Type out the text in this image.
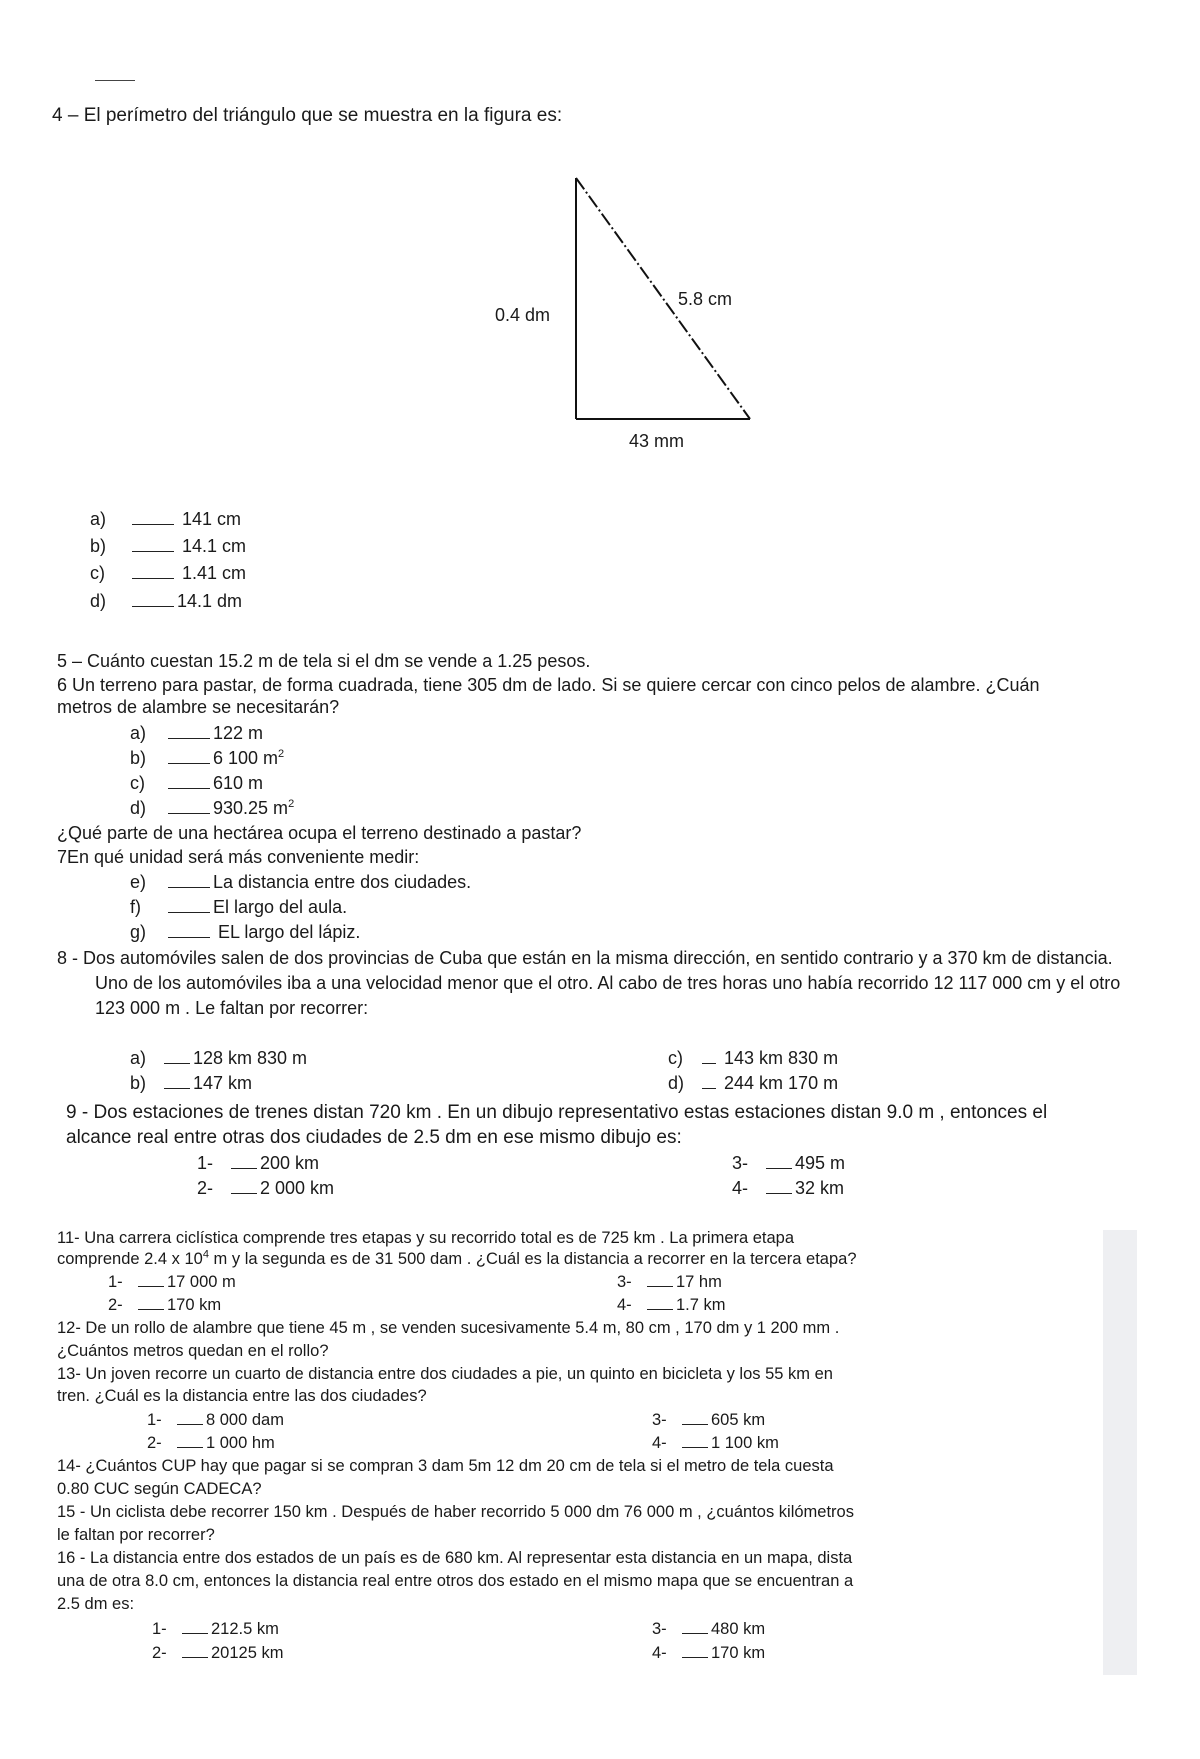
4 – El perímetro del triángulo que se muestra en la figura es:
0.4 dm
5.8 cm
43 mm
a)	141 cm
b)	14.1 cm
c)	1.41 cm
d)	14.1 dm
5 – Cuánto cuestan 15.2 m de tela si el dm se vende a 1.25 pesos.
6 Un terreno para pastar, de forma cuadrada, tiene 305 dm de lado. Si se quiere cercar con cinco pelos de alambre. ¿Cuán metros de alambre se necesitarán?
a)	122 m
b)	6 100 $m^2$
c)	610 m
d)	930.25 $m^2$
¿Qué parte de una hectárea ocupa el terreno destinado a pastar?
7En qué unidad será más conveniente medir:
e)	La distancia entre dos ciudades.
f)	El largo del aula.
g)	EL largo del lápiz.
8 - Dos automóviles salen de dos provincias de Cuba que están en la misma dirección, en sentido contrario y a 370 km de distancia. Uno de los automóviles iba a una velocidad menor que el otro. Al cabo de tres horas uno había recorrido 12 117 000 cm y el otro 123 000 m . Le faltan por recorrer:
a)	128 km 830 m	c) 143 km 830 m
b)	147 km	d) 244 km 170 m
9 - Dos estaciones de trenes distan 720 km . En un dibujo representativo estas estaciones distan 9.0 m , entonces el alcance real entre otras dos ciudades de 2.5 dm en ese mismo dibujo es:
1-	200 km	3-	495 m
2-	2 000 km	4-	32 km
11- Una carrera ciclística comprende tres etapas y su recorrido total es de 725 km . La primera etapa
comprende 2.4 x $10^4$ m y la segunda es de 31 500 dam . ¿Cuál es la distancia a recorrer en la tercera etapa?
1-	17 000 m	3-	17 hm
2-	170 km	4-	1.7 km
12- De un rollo de alambre que tiene 45 m , se venden sucesivamente 5.4 m, 80 cm , 170 dm y 1 200 mm .
¿Cuántos metros quedan en el rollo?
13- Un joven recorre un cuarto de distancia entre dos ciudades a pie, un quinto en bicicleta y los 55 km en
tren. ¿Cuál es la distancia entre las dos ciudades?
1-	8 000 dam	3-	605 km
2-	1 000 hm	4-	1 100 km
14- ¿Cuántos CUP hay que pagar si se compran 3 dam 5m 12 dm 20 cm de tela si el metro de tela cuesta
0.80 CUC según CADECA?
15 - Un ciclista debe recorrer 150 km . Después de haber recorrido 5 000 dm 76 000 m , ¿cuántos kilómetros
le faltan por recorrer?
16 - La distancia entre dos estados de un país es de 680 km. Al representar esta distancia en un mapa, dista
una de otra 8.0 cm, entonces la distancia real entre otros dos estado en el mismo mapa que se encuentran a
2.5 dm es:
1-	212.5 km	3-	480 km
2-	20125 km	4-	170 km
